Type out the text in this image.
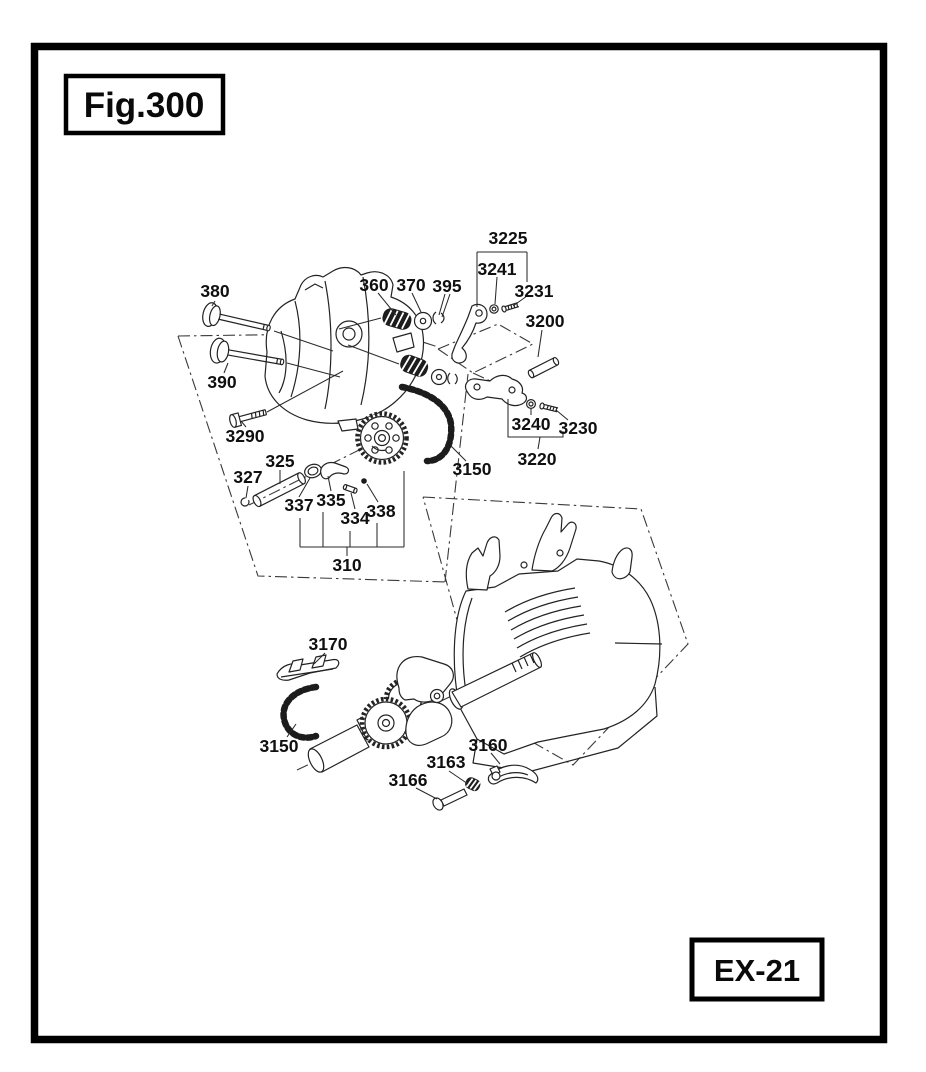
Fig.300
EX-21
380
390
3290
360 370 395
3225
3241
3231
3200
3240 3230
3220
3150
325
327
337 335
334
338
310
3170
3150	3160
3163
3166
